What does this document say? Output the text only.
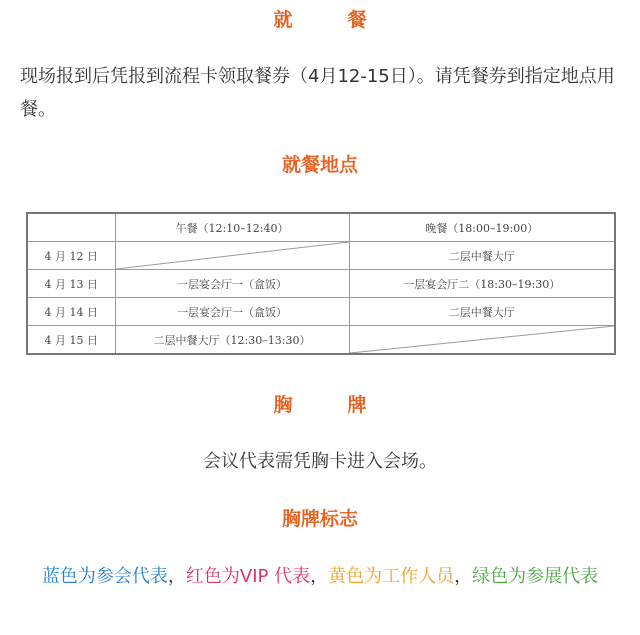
就　餐

现场报到后凭报到流程卡领取餐券（4月12-15日）。请凭餐券到指定地点用餐。

就餐地点
	午餐（12:10–12:40）	晚餐（18:00–19:00）
4 月 12 日		二层中餐大厅
4 月 13 日	一层宴会厅一（盒饭）	一层宴会厅二（18:30–19:30）
4 月 14 日	一层宴会厅一（盒饭）	二层中餐大厅
4 月 15 日	二层中餐大厅（12:30–13:30）	
胸　牌

会议代表需凭胸卡进入会场。

胸牌标志
蓝色为参会代表，红色为VIP 代表，黄色为工作人员，绿色为参展代表
